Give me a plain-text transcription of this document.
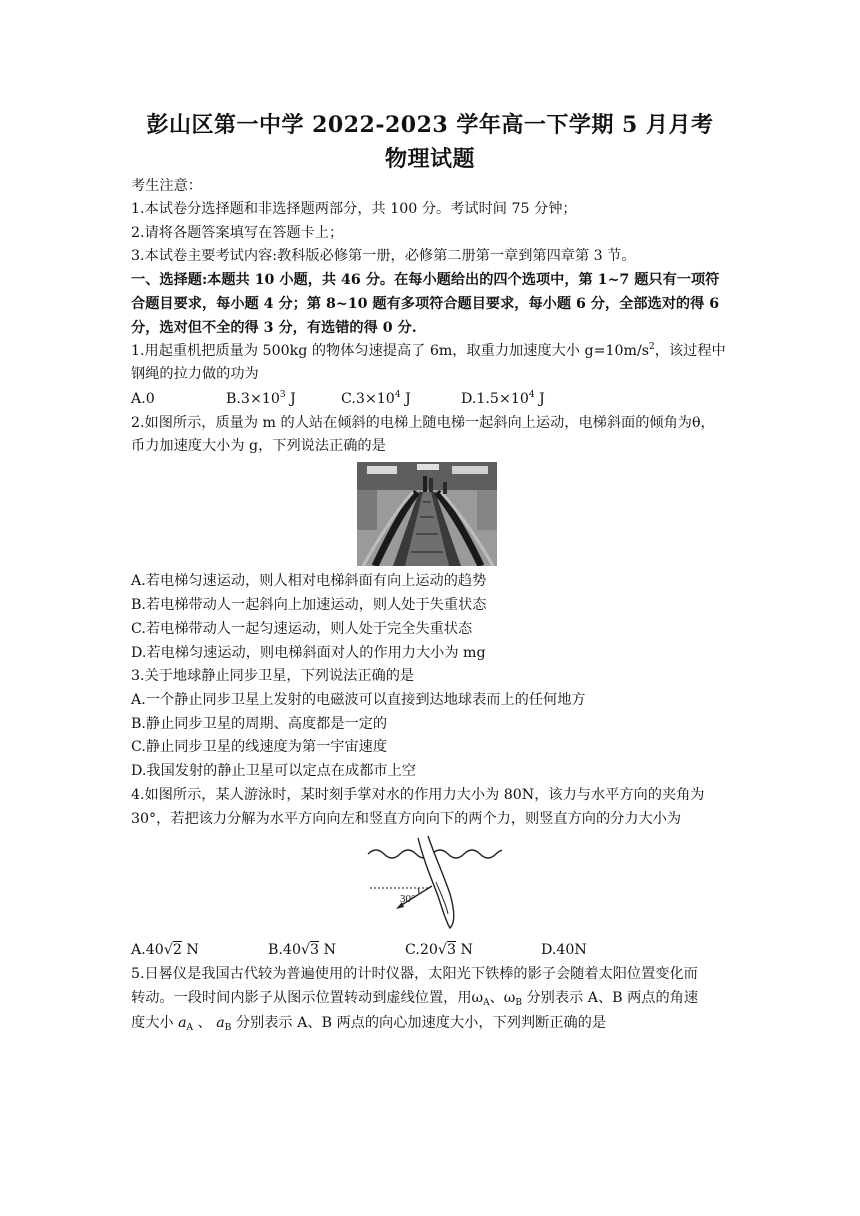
彭山区第一中学 2022-2023 学年高一下学期 5 月月考
物理试题
考生注意：
1.本试卷分选择题和非选择题两部分，共 100 分。考试时间 75 分钟；
2.请将各题答案填写在答题卡上；
3.本试卷主要考试内容:教科版必修第一册，必修第二册第一章到第四章第 3 节。
一、选择题:本题共 10 小题，共 46 分。在每小题给出的四个选项中，第 1~7 题只有一项符
合题目要求，每小题 4 分；第 8~10 题有多项符合题目要求，每小题 6 分，全部选对的得 6
分，选对但不全的得 3 分，有选错的得 0 分.
1.用起重机把质量为 500kg 的物体匀速提高了 6m，取重力加速度大小 $g=10m/s^2$，该过程中
钢绳的拉力做的功为
A.0	$B.3\times 10^3$ J	$C.3\times 10^4$ J	$D.1.5\times 10^4$ J
2.如图所示，质量为 m 的人站在倾斜的电梯上随电梯一起斜向上运动，电梯斜面的倾角为θ，
币力加速度大小为 g，下列说法正确的是
A.若电梯匀速运动，则人相对电梯斜面有向上运动的趋势
B.若电梯带动人一起斜向上加速运动，则人处于失重状态
C.若电梯带动人一起匀速运动，则人处于完全失重状态
D.若电梯匀速运动，则电梯斜面对人的作用力大小为 mg
3.关于地球静止同步卫星，下列说法正确的是
A.一个静止同步卫星上发射的电磁波可以直接到达地球表而上的任何地方
B.静止同步卫星的周期、高度都是一定的
C.静止同步卫星的线速度为第一宇宙速度
D.我国发射的静止卫星可以定点在成都市上空
4.如图所示，某人游泳时，某时刻手掌对水的作用力大小为 80N，该力与水平方向的夹角为
30°，若把该力分解为水平方向向左和竖直方向向下的两个力，则竖直方向的分力大小为
30°
A.40√2 N	B.40√3 N	C.20√3 N	D.40N
5.日晷仪是我国古代较为普遍使用的计时仪器，太阳光下铁棒的影子会随着太阳位置变化而
转动。一段时间内影子从图示位置转动到虚线位置，用$\omega_A$、$\omega_B$ 分别表示 A、B 两点的角速
度大小 $a_A$ 、 $a_B$ 分别表示 A、B 两点的向心加速度大小，下列判断正确的是
